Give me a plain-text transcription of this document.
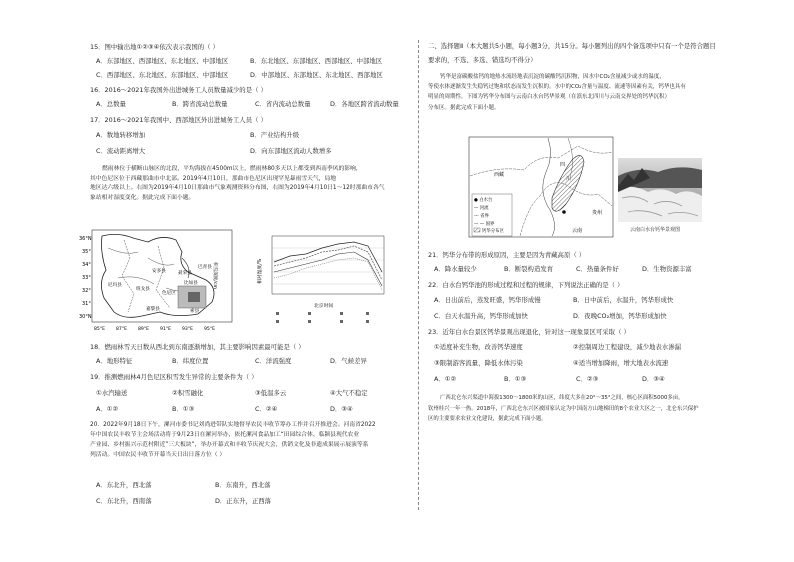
15．图中输出地①②③④依次表示我国的（ ）
A．东部地区、西部地区、东北地区、中部地区	B．东北地区、东部地区、西部地区、中部地区
C．西部地区、东北地区、东部地区、中部地区	D．中部地区、东部地区、东北地区、西部地区
16．2016～2021年我国外出进城务工人员数量减少的是（ ）
A．总数量	B．跨省流动总数量	C．省内流动总数量	D．各地区跨省流动数量
17．2016～2021年我国中、西部地区外出进城务工人员（ ）
A．数地转移增加	B．产业结构升级
C．流动距离增大	D．向东部地区流动人数增多
燃雨林位于横断山脉区的北段，平均海拔在4500m以上，燃雨林80多天以上都受到西南季风的影响，
其中色尼区位于西藏那曲市中北部。2019年4月10日，那曲市色尼区出现罕见暴雨雪天气，局地
地区达六级以上。右图为2019年4月10日那曲市气象观测资料分布图，右图为2019年4月10日1～12时那曲市各气
象站相对湿度变化。据此完成下面小题。
36°N
35°
34°
33°
32°
31°
30°N
85°E 87°E 89°E 91°E 93°E 95°E
尼玛县
班戈县
安多县	聂荣县
色尼区
嘉黎县
比如县
索县
巴青县 积雪深度/cm	相对湿度/%
北京时间
18．燃雨林雪天日数从西北到东南逐渐增加，其主要影响因素最可能是（ ）
A．地形特征	B．纬度位置	C．洋流强度	D．气候差异
19．推测燃雨林4月色尼区积雪发生异常的主要条件为（ ）
①水汽输送	②积雪融化	③低温多云	④大气不稳定
A．①②	B．①③	C．②④	D．③④
20．2022年9月18日下午，漯河市委书记刘尚进带队实地督导农民丰收节筹办工作并召开推进会。河南省2022
年中国农民丰收节主会场活动将于9月23日在漯河举办，依托漯河食品加工“田园综合体、临颍县现代农业
产业园、乡村振兴示范村附近”三大板块”，举办开幕式和丰收节庆祝大会，供销文化及非遗成果展示展演等系
列活动。中国农民丰收节开幕当天日出日落方位（ ）
A．东北升，西北落	B．东南升，西北落
C．东北升，西南落	D．正东升，正西落
二、选择题Ⅱ（本大题共5小题，每小题3分，共15分。每小题列出的四个备选项中只有一个是符合题目
要求的，不选、多选、错选均不得分）
钙华是富碳酸盐钙的地热水流经地表沉淀的碳酸钙沉积物，因水中CO₂含量减少或水的温度，
等使水体逐渐发生失稳钙过饱和状态而发生沉积的。水中的CO₂含量与温度、流速等因素有关，钙华也具有
明显的周期性。下图为钙华分布图与云南白水台钙华景观（在滇东北四川与云南交界处的钙华沉积）
分布区。据此完成下面小题。
西藏
四
川
贵州
云南
● 白水台
— 河流
--- 省界
— — 国界
钙华分布区	云南白水台钙华景观图
21．钙华分布带的形成原因，主要是因为青藏高原（ ）
A．降水量较少	B．断裂构造发育	C．热量条件好	D．生物资源丰富
22．白水台钙华池的形成过程和过程的规律，下列说法正确的是（ ）
A．日出前后，蒸发旺盛，钙华形成慢	B．日中前后，水温升，钙华形成快
C．白天水温升高，钙华形成加快	D．夜晚CO₂增加，钙华形成加快
23．近年白水台景区钙华景观出现退化，针对这一现象景区可采取（ ）
①适度补充生物，改善钙华速度	②控制周边工程建设，减少地表水渗漏
③限制游客流量，降低水体污染	④适当增加降雨，增大地表水流速
A．①②	B．①③	C．②③	D．③④
广西北仑东兴渠道中海拔1300～1800米的山区，纬度大多在20°～35°之间，核心区面积5000多亩，
钦州桂兴一年一热。2018年，广西北仑东兴区被国家认定为中国南方山地梯田的8个农业大区之一，北仑东兴保护
区的主要要求农业文化建设，据此完成下面小题。
